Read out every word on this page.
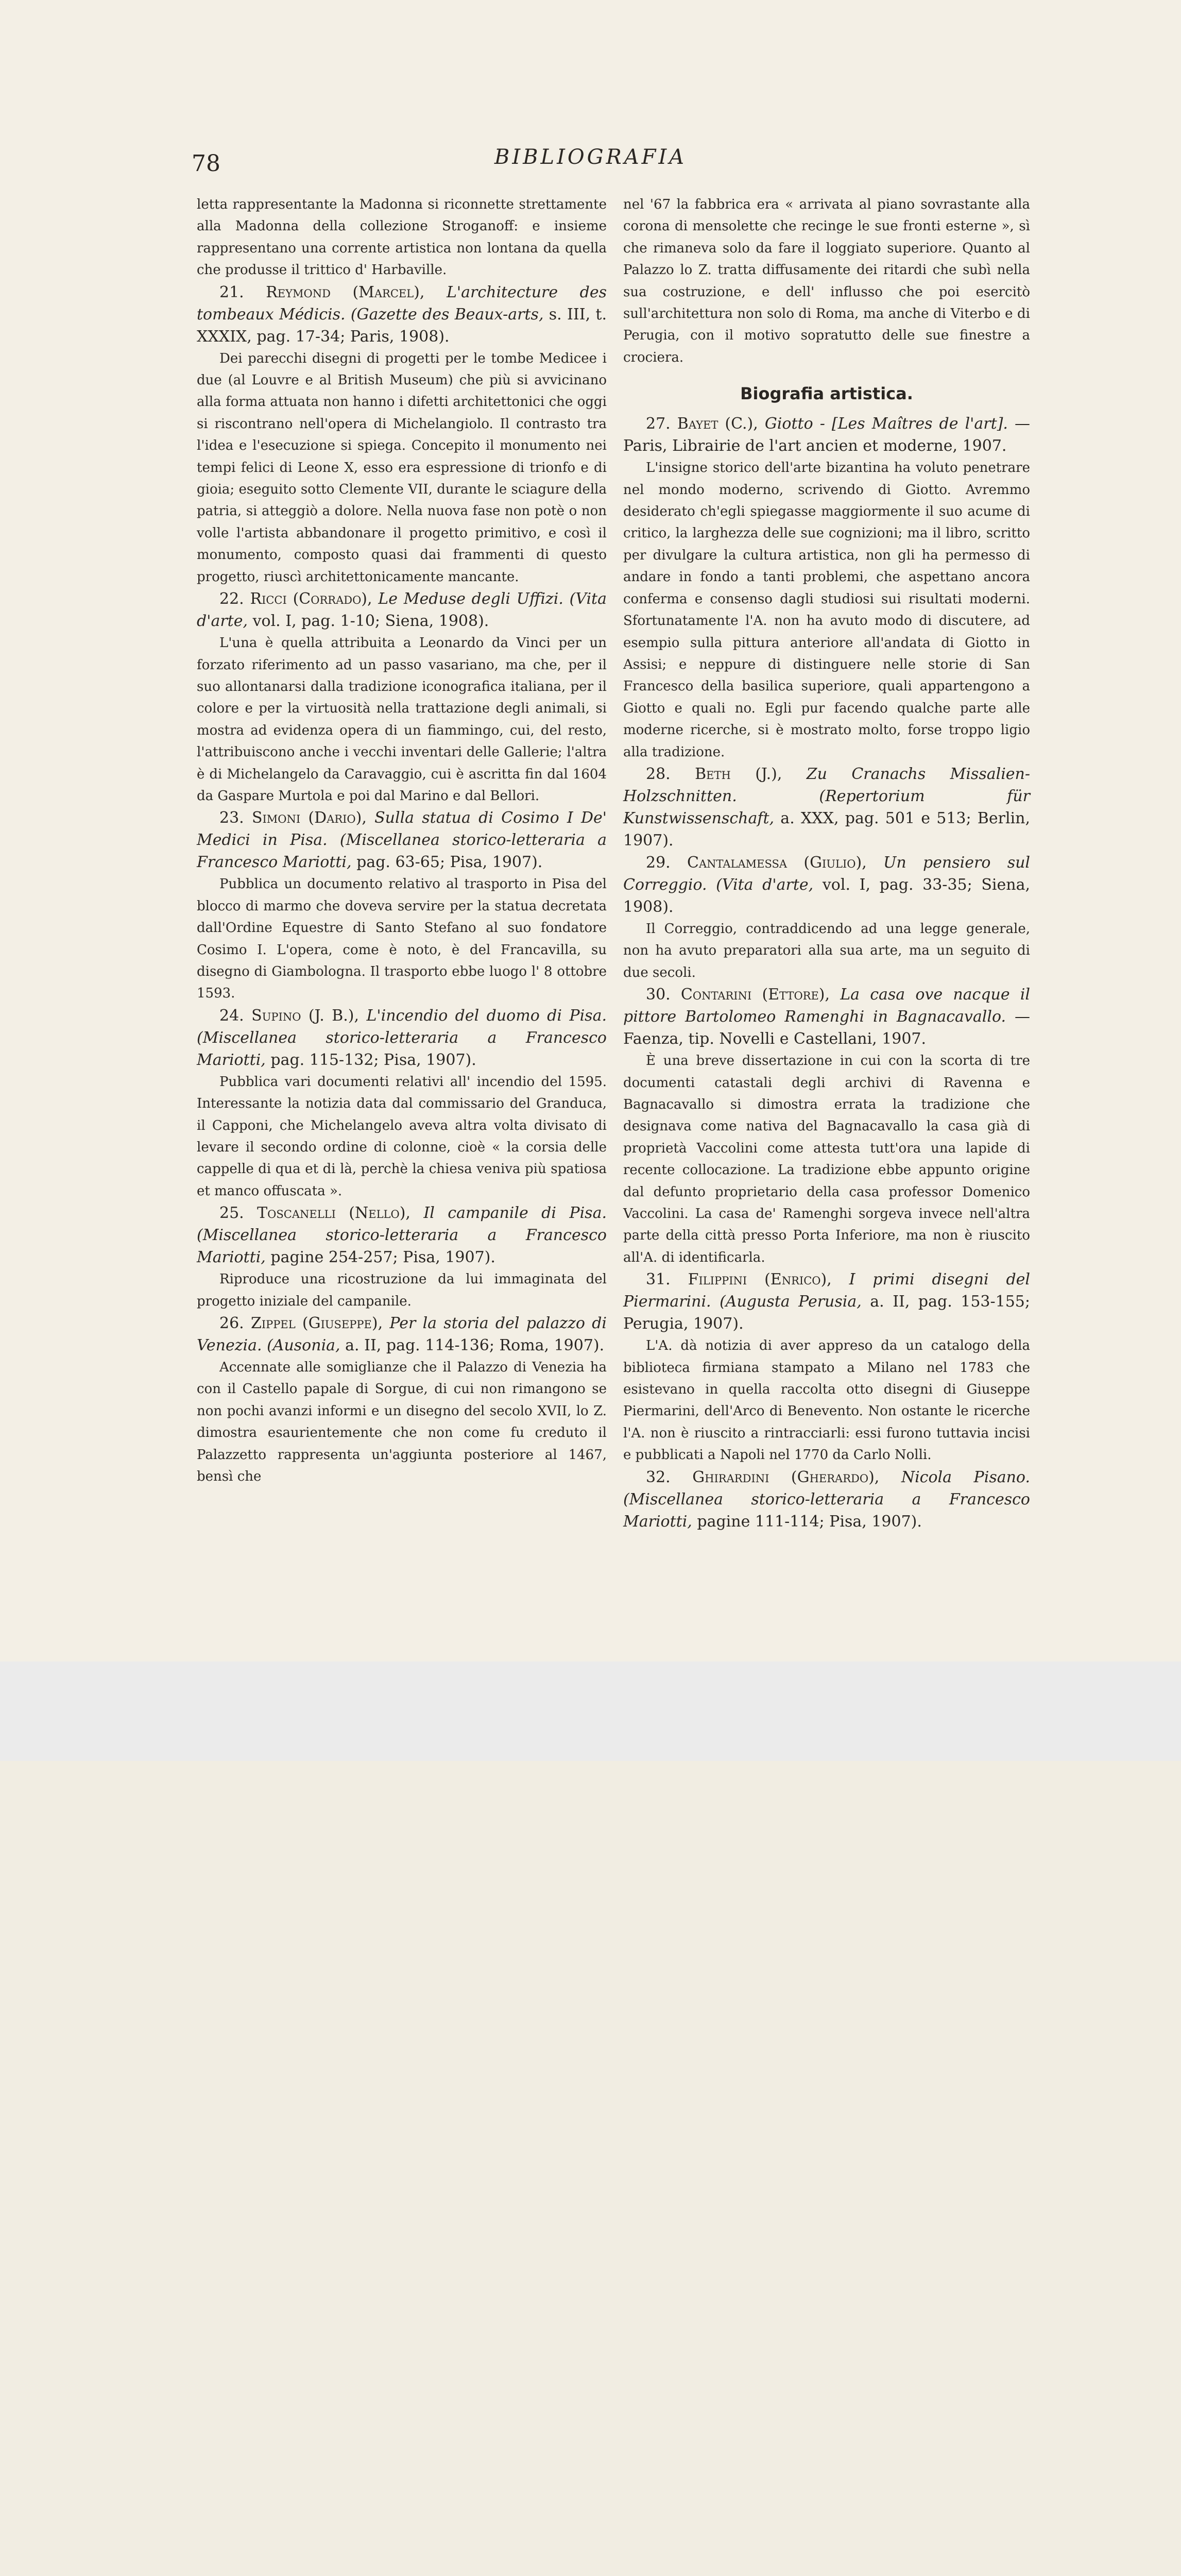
78	BIBLIOGRAFIA

letta rappresentante la Madonna si riconnette strettamente alla Madonna della collezione Stroganoff: e insieme rappresentano una corrente artistica non lontana da quella che produsse il trittico d' Harbaville.

21. Reymond (Marcel), L'architecture des tombeaux Médicis. (Gazette des Beaux-arts, s. III, t. XXXIX, pag. 17-34; Paris, 1908).

Dei parecchi disegni di progetti per le tombe Medicee i due (al Louvre e al British Museum) che più si avvicinano alla forma attuata non hanno i difetti architettonici che oggi si riscontrano nell'opera di Michelangiolo. Il contrasto tra l'idea e l'esecuzione si spiega. Concepito il monumento nei tempi felici di Leone X, esso era espressione di trionfo e di gioia; eseguito sotto Clemente VII, durante le sciagure della patria, si atteggiò a dolore. Nella nuova fase non potè o non volle l'artista abbandonare il progetto primitivo, e così il monumento, composto quasi dai frammenti di questo progetto, riuscì architettonicamente mancante.

22. Ricci (Corrado), Le Meduse degli Uffizi. (Vita d'arte, vol. I, pag. 1-10; Siena, 1908).

L'una è quella attribuita a Leonardo da Vinci per un forzato riferimento ad un passo vasariano, ma che, per il suo allontanarsi dalla tradizione iconografica italiana, per il colore e per la virtuosità nella trattazione degli animali, si mostra ad evidenza opera di un fiammingo, cui, del resto, l'attribuiscono anche i vecchi inventari delle Gallerie; l'altra è di Michelangelo da Caravaggio, cui è ascritta fin dal 1604 da Gaspare Murtola e poi dal Marino e dal Bellori.

23. Simoni (Dario), Sulla statua di Cosimo I De' Medici in Pisa. (Miscellanea storico-letteraria a Francesco Mariotti, pag. 63-65; Pisa, 1907).

Pubblica un documento relativo al trasporto in Pisa del blocco di marmo che doveva servire per la statua decretata dall'Ordine Equestre di Santo Stefano al suo fondatore Cosimo I. L'opera, come è noto, è del Francavilla, su disegno di Giambologna. Il trasporto ebbe luogo l' 8 ottobre 1593.

24. Supino (J. B.), L'incendio del duomo di Pisa. (Miscellanea storico-letteraria a Francesco Mariotti, pag. 115-132; Pisa, 1907).

Pubblica vari documenti relativi all' incendio del 1595. Interessante la notizia data dal commissario del Granduca, il Capponi, che Michelangelo aveva altra volta divisato di levare il secondo ordine di colonne, cioè « la corsia delle cappelle di qua et di là, perchè la chiesa veniva più spatiosa et manco offuscata ».

25. Toscanelli (Nello), Il campanile di Pisa. (Miscellanea storico-letteraria a Francesco Mariotti, pagine 254-257; Pisa, 1907).

Riproduce una ricostruzione da lui immaginata del progetto iniziale del campanile.

26. Zippel (Giuseppe), Per la storia del palazzo di Venezia. (Ausonia, a. II, pag. 114-136; Roma, 1907).

Accennate alle somiglianze che il Palazzo di Venezia ha con il Castello papale di Sorgue, di cui non rimangono se non pochi avanzi informi e un disegno del secolo XVII, lo Z. dimostra esaurientemente che non come fu creduto il Palazzetto rappresenta un'aggiunta posteriore al 1467, bensì che

nel '67 la fabbrica era « arrivata al piano sovrastante alla corona di mensolette che recinge le sue fronti esterne », sì che rimaneva solo da fare il loggiato superiore. Quanto al Palazzo lo Z. tratta diffusamente dei ritardi che subì nella sua costruzione, e dell' influsso che poi esercitò sull'architettura non solo di Roma, ma anche di Viterbo e di Perugia, con il motivo sopratutto delle sue finestre a crociera.

Biografia artistica.

27. Bayet (C.), Giotto - [Les Maîtres de l'art]. — Paris, Librairie de l'art ancien et moderne, 1907.

L'insigne storico dell'arte bizantina ha voluto penetrare nel mondo moderno, scrivendo di Giotto. Avremmo desiderato ch'egli spiegasse maggiormente il suo acume di critico, la larghezza delle sue cognizioni; ma il libro, scritto per divulgare la cultura artistica, non gli ha permesso di andare in fondo a tanti problemi, che aspettano ancora conferma e consenso dagli studiosi sui risultati moderni. Sfortunatamente l'A. non ha avuto modo di discutere, ad esempio sulla pittura anteriore all'andata di Giotto in Assisi; e neppure di distinguere nelle storie di San Francesco della basilica superiore, quali appartengono a Giotto e quali no. Egli pur facendo qualche parte alle moderne ricerche, si è mostrato molto, forse troppo ligio alla tradizione.

28. Beth (J.), Zu Cranachs Missalien-Holzschnitten. (Repertorium für Kunstwissenschaft, a. XXX, pag. 501 e 513; Berlin, 1907).

29. Cantalamessa (Giulio), Un pensiero sul Correggio. (Vita d'arte, vol. I, pag. 33-35; Siena, 1908).

Il Correggio, contraddicendo ad una legge generale, non ha avuto preparatori alla sua arte, ma un seguito di due secoli.

30. Contarini (Ettore), La casa ove nacque il pittore Bartolomeo Ramenghi in Bagnacavallo. — Faenza, tip. Novelli e Castellani, 1907.

È una breve dissertazione in cui con la scorta di tre documenti catastali degli archivi di Ravenna e Bagnacavallo si dimostra errata la tradizione che designava come nativa del Bagnacavallo la casa già di proprietà Vaccolini come attesta tutt'ora una lapide di recente collocazione. La tradizione ebbe appunto origine dal defunto proprietario della casa professor Domenico Vaccolini. La casa de' Ramenghi sorgeva invece nell'altra parte della città presso Porta Inferiore, ma non è riuscito all'A. di identificarla.

31. Filippini (Enrico), I primi disegni del Piermarini. (Augusta Perusia, a. II, pag. 153-155; Perugia, 1907).

L'A. dà notizia di aver appreso da un catalogo della biblioteca firmiana stampato a Milano nel 1783 che esistevano in quella raccolta otto disegni di Giuseppe Piermarini, dell'Arco di Benevento. Non ostante le ricerche l'A. non è riuscito a rintracciarli: essi furono tuttavia incisi e pubblicati a Napoli nel 1770 da Carlo Nolli.

32. Ghirardini (Gherardo), Nicola Pisano. (Miscellanea storico-letteraria a Francesco Mariotti, pagine 111-114; Pisa, 1907).
